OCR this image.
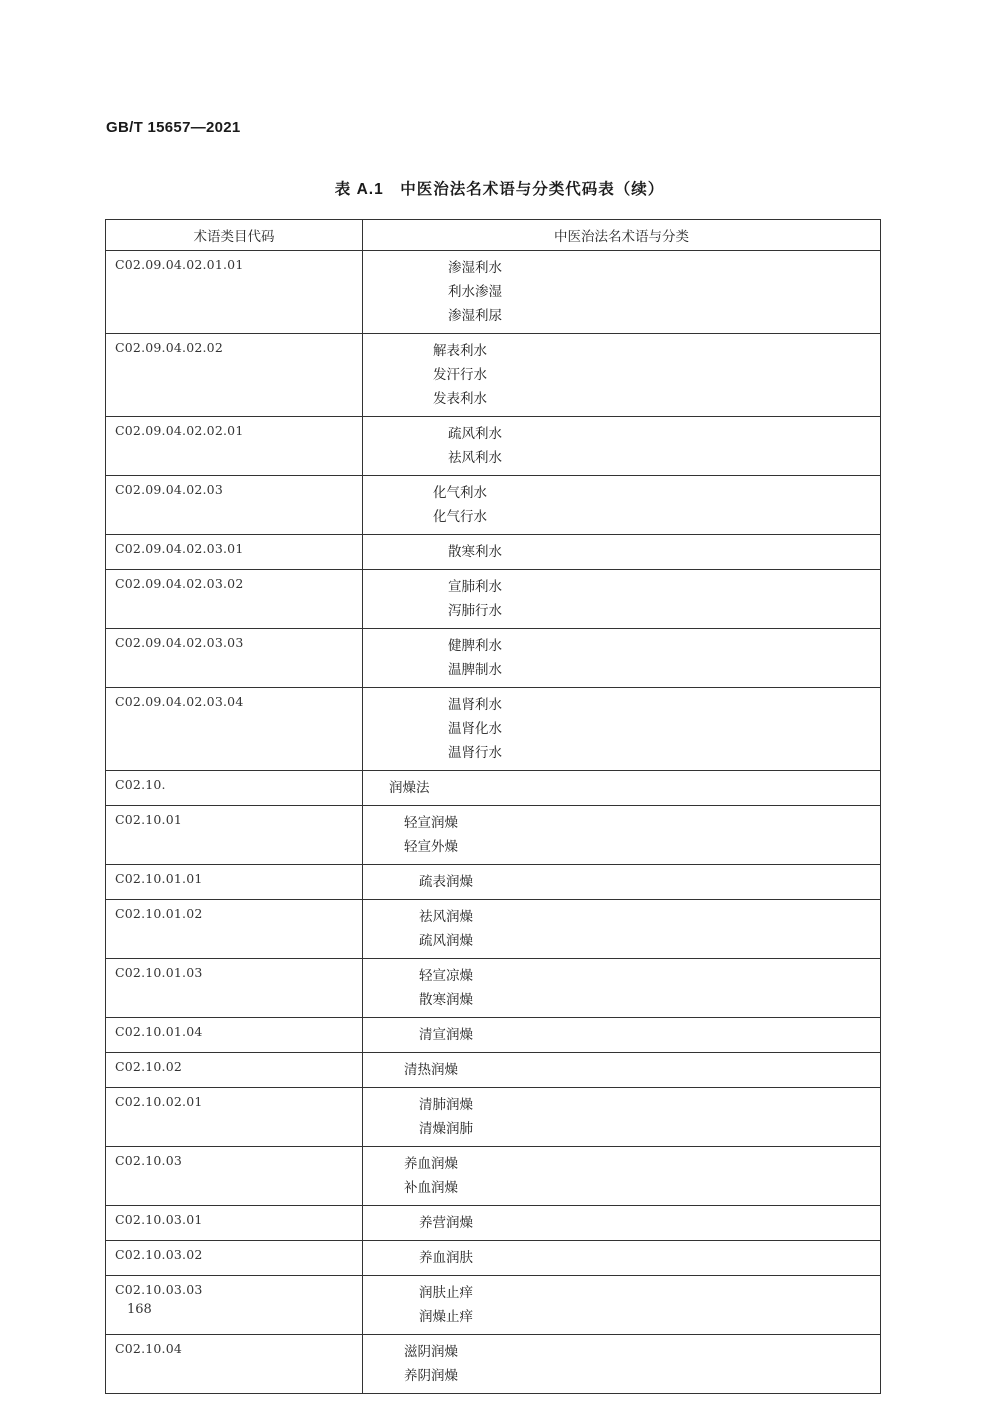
GB/T 15657—2021
表 A.1　中医治法名术语与分类代码表（续）
术语类目代码	中医治法名术语与分类
C02.09.04.02.01.01	渗湿利水
利水渗湿
渗湿利尿

C02.09.04.02.02	解表利水
发汗行水
发表利水

C02.09.04.02.02.01	疏风利水
祛风利水

C02.09.04.02.03	化气利水
化气行水

C02.09.04.02.03.01	散寒利水

C02.09.04.02.03.02	宣肺利水
泻肺行水

C02.09.04.02.03.03	健脾利水
温脾制水

C02.09.04.02.03.04	温肾利水
温肾化水
温肾行水

C02.10.	润燥法

C02.10.01	轻宣润燥
轻宣外燥

C02.10.01.01	疏表润燥

C02.10.01.02	祛风润燥
疏风润燥

C02.10.01.03	轻宣凉燥
散寒润燥

C02.10.01.04	清宣润燥

C02.10.02	清热润燥

C02.10.02.01	清肺润燥
清燥润肺

C02.10.03	养血润燥
补血润燥

C02.10.03.01	养营润燥

C02.10.03.02	养血润肤

C02.10.03.03	润肤止痒
润燥止痒

C02.10.04	滋阴润燥
养阴润燥
168
